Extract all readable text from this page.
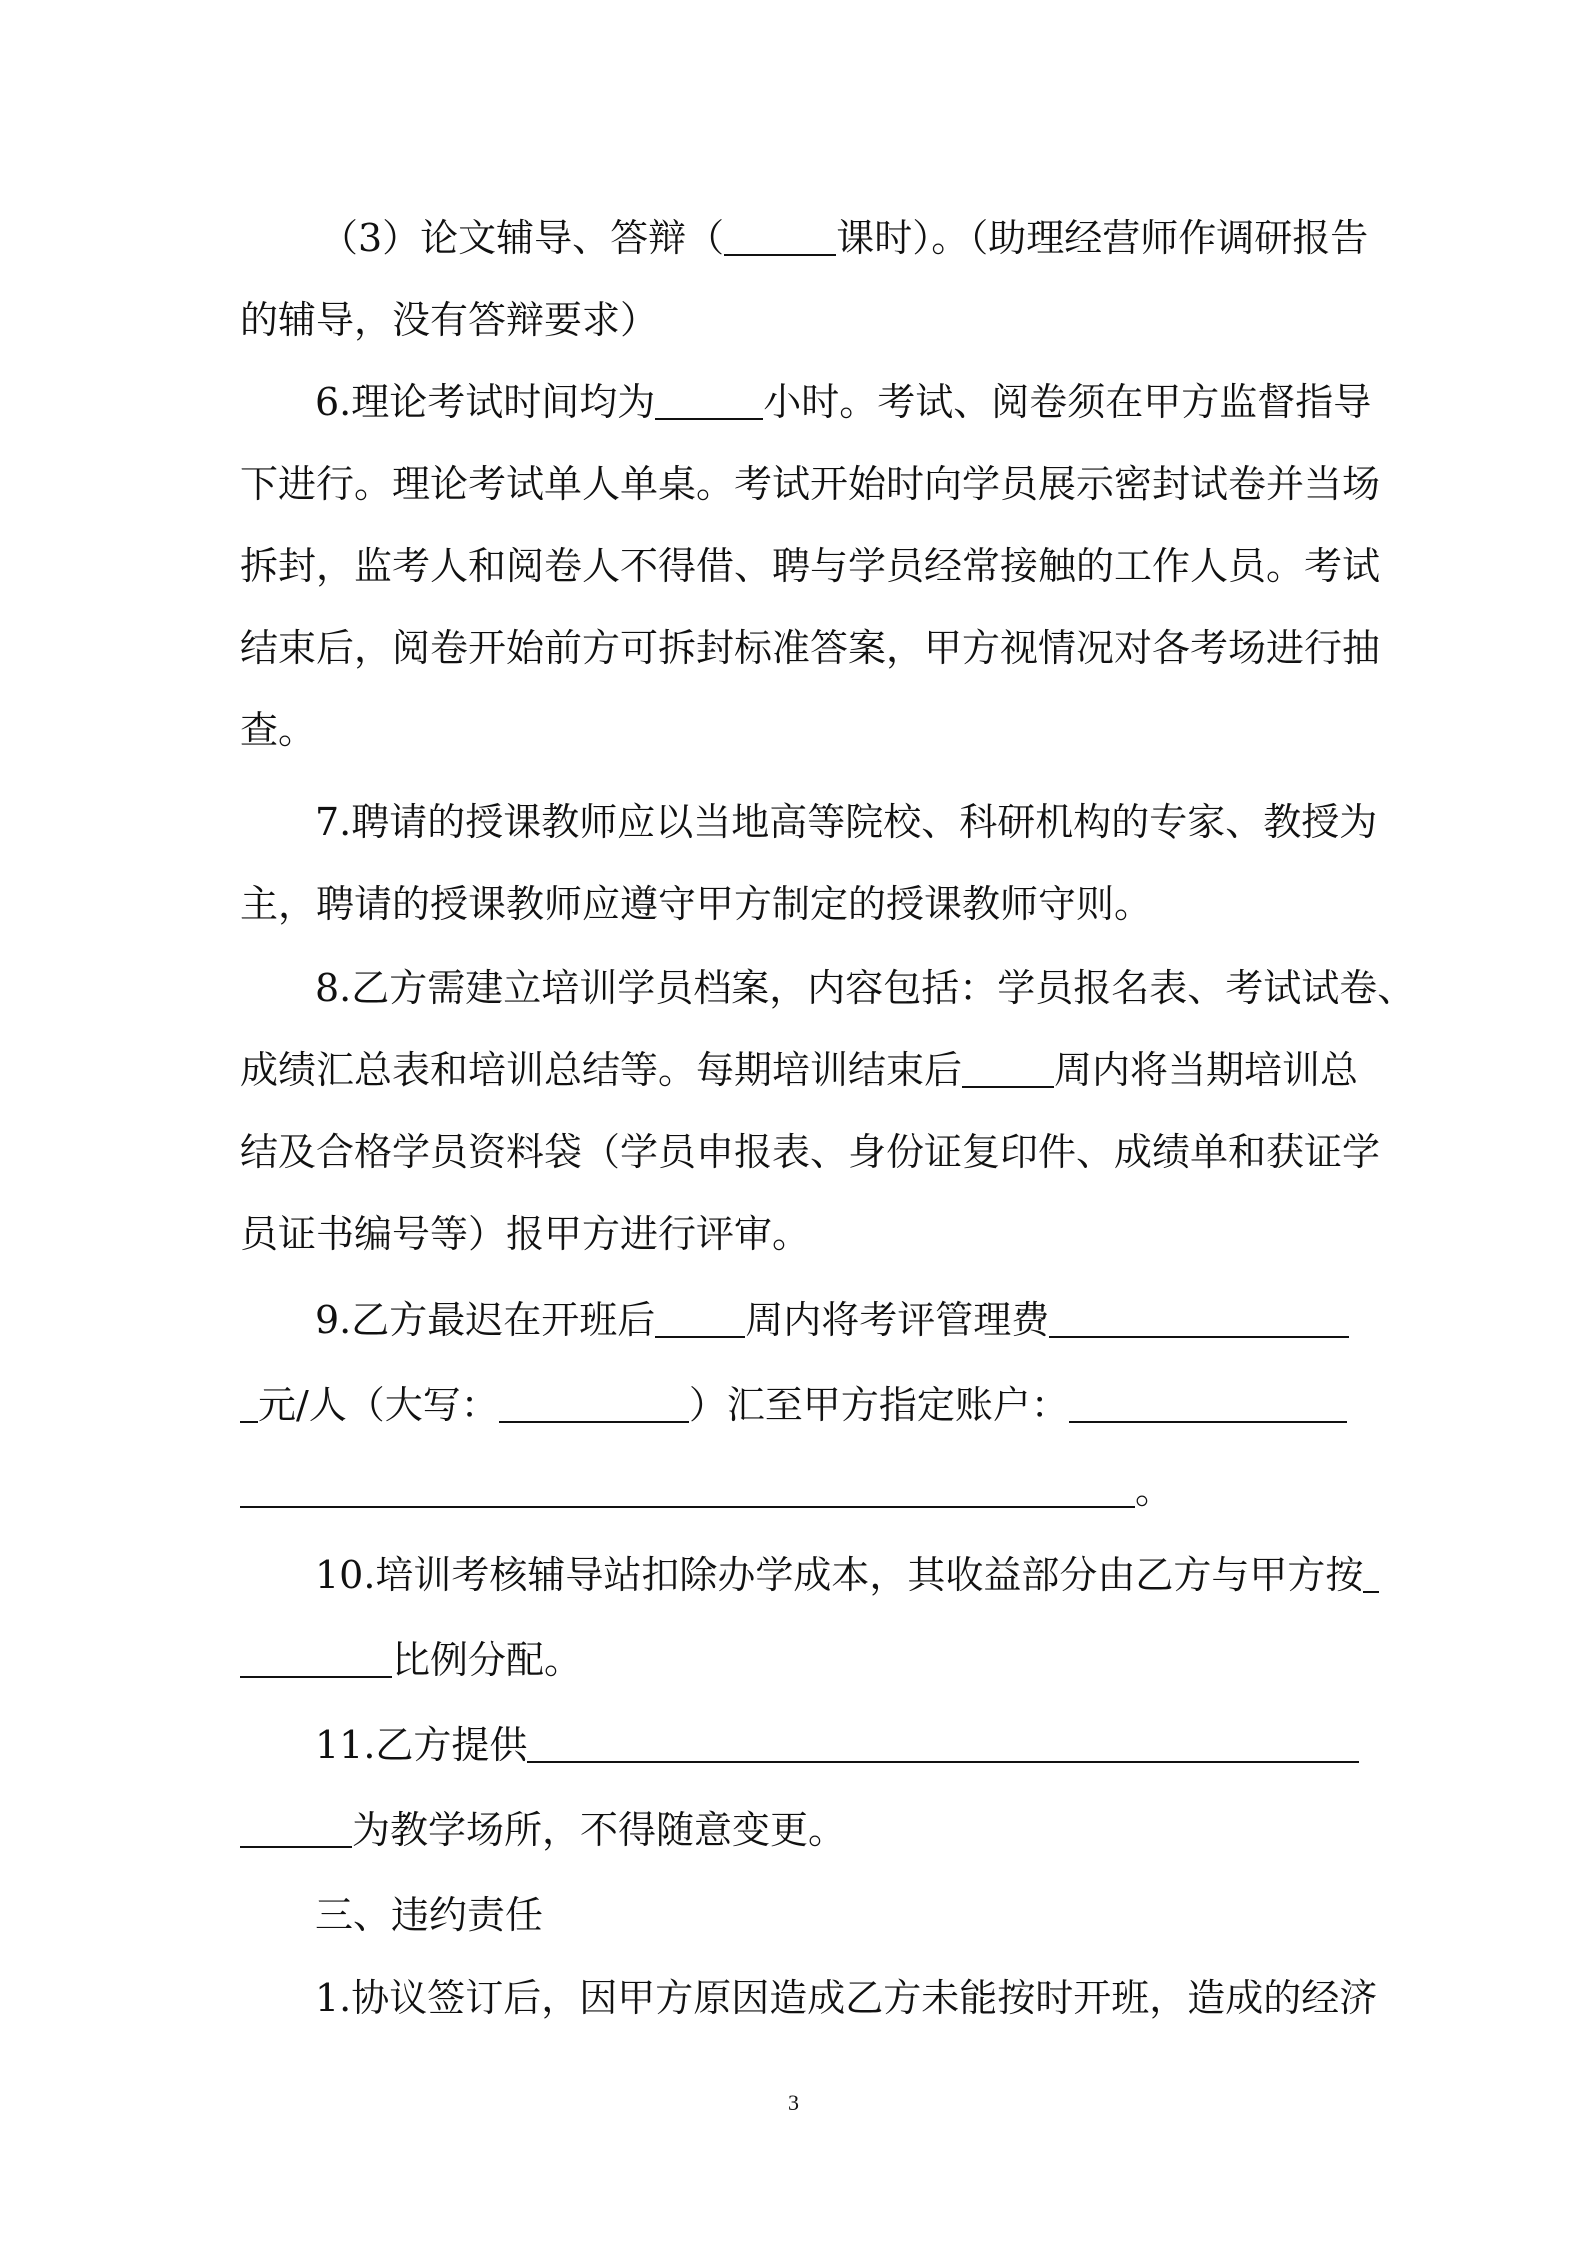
（3）论文辅导、答辩（	课时）。（助理经营师作调研报告
的辅导，没有答辩要求）
6.理论考试时间均为	小时。考试、阅卷须在甲方监督指导
下进行。理论考试单人单桌。考试开始时向学员展示密封试卷并当场
拆封，监考人和阅卷人不得借、聘与学员经常接触的工作人员。考试
结束后，阅卷开始前方可拆封标准答案，甲方视情况对各考场进行抽
查。
7.聘请的授课教师应以当地高等院校、科研机构的专家、教授为
主，聘请的授课教师应遵守甲方制定的授课教师守则。
8.乙方需建立培训学员档案，内容包括：学员报名表、考试试卷、
成绩汇总表和培训总结等。每期培训结束后 周内将当期培训总
结及合格学员资料袋（学员申报表、身份证复印件、成绩单和获证学
员证书编号等）报甲方进行评审。
9.乙方最迟在开班后 周内将考评管理费
元/人（大写：	）汇至甲方指定账户：
。
10.培训考核辅导站扣除办学成本，其收益部分由乙方与甲方按
比例分配。
11.乙方提供
为教学场所，不得随意变更。
三、违约责任
1.协议签订后，因甲方原因造成乙方未能按时开班，造成的经济
3
